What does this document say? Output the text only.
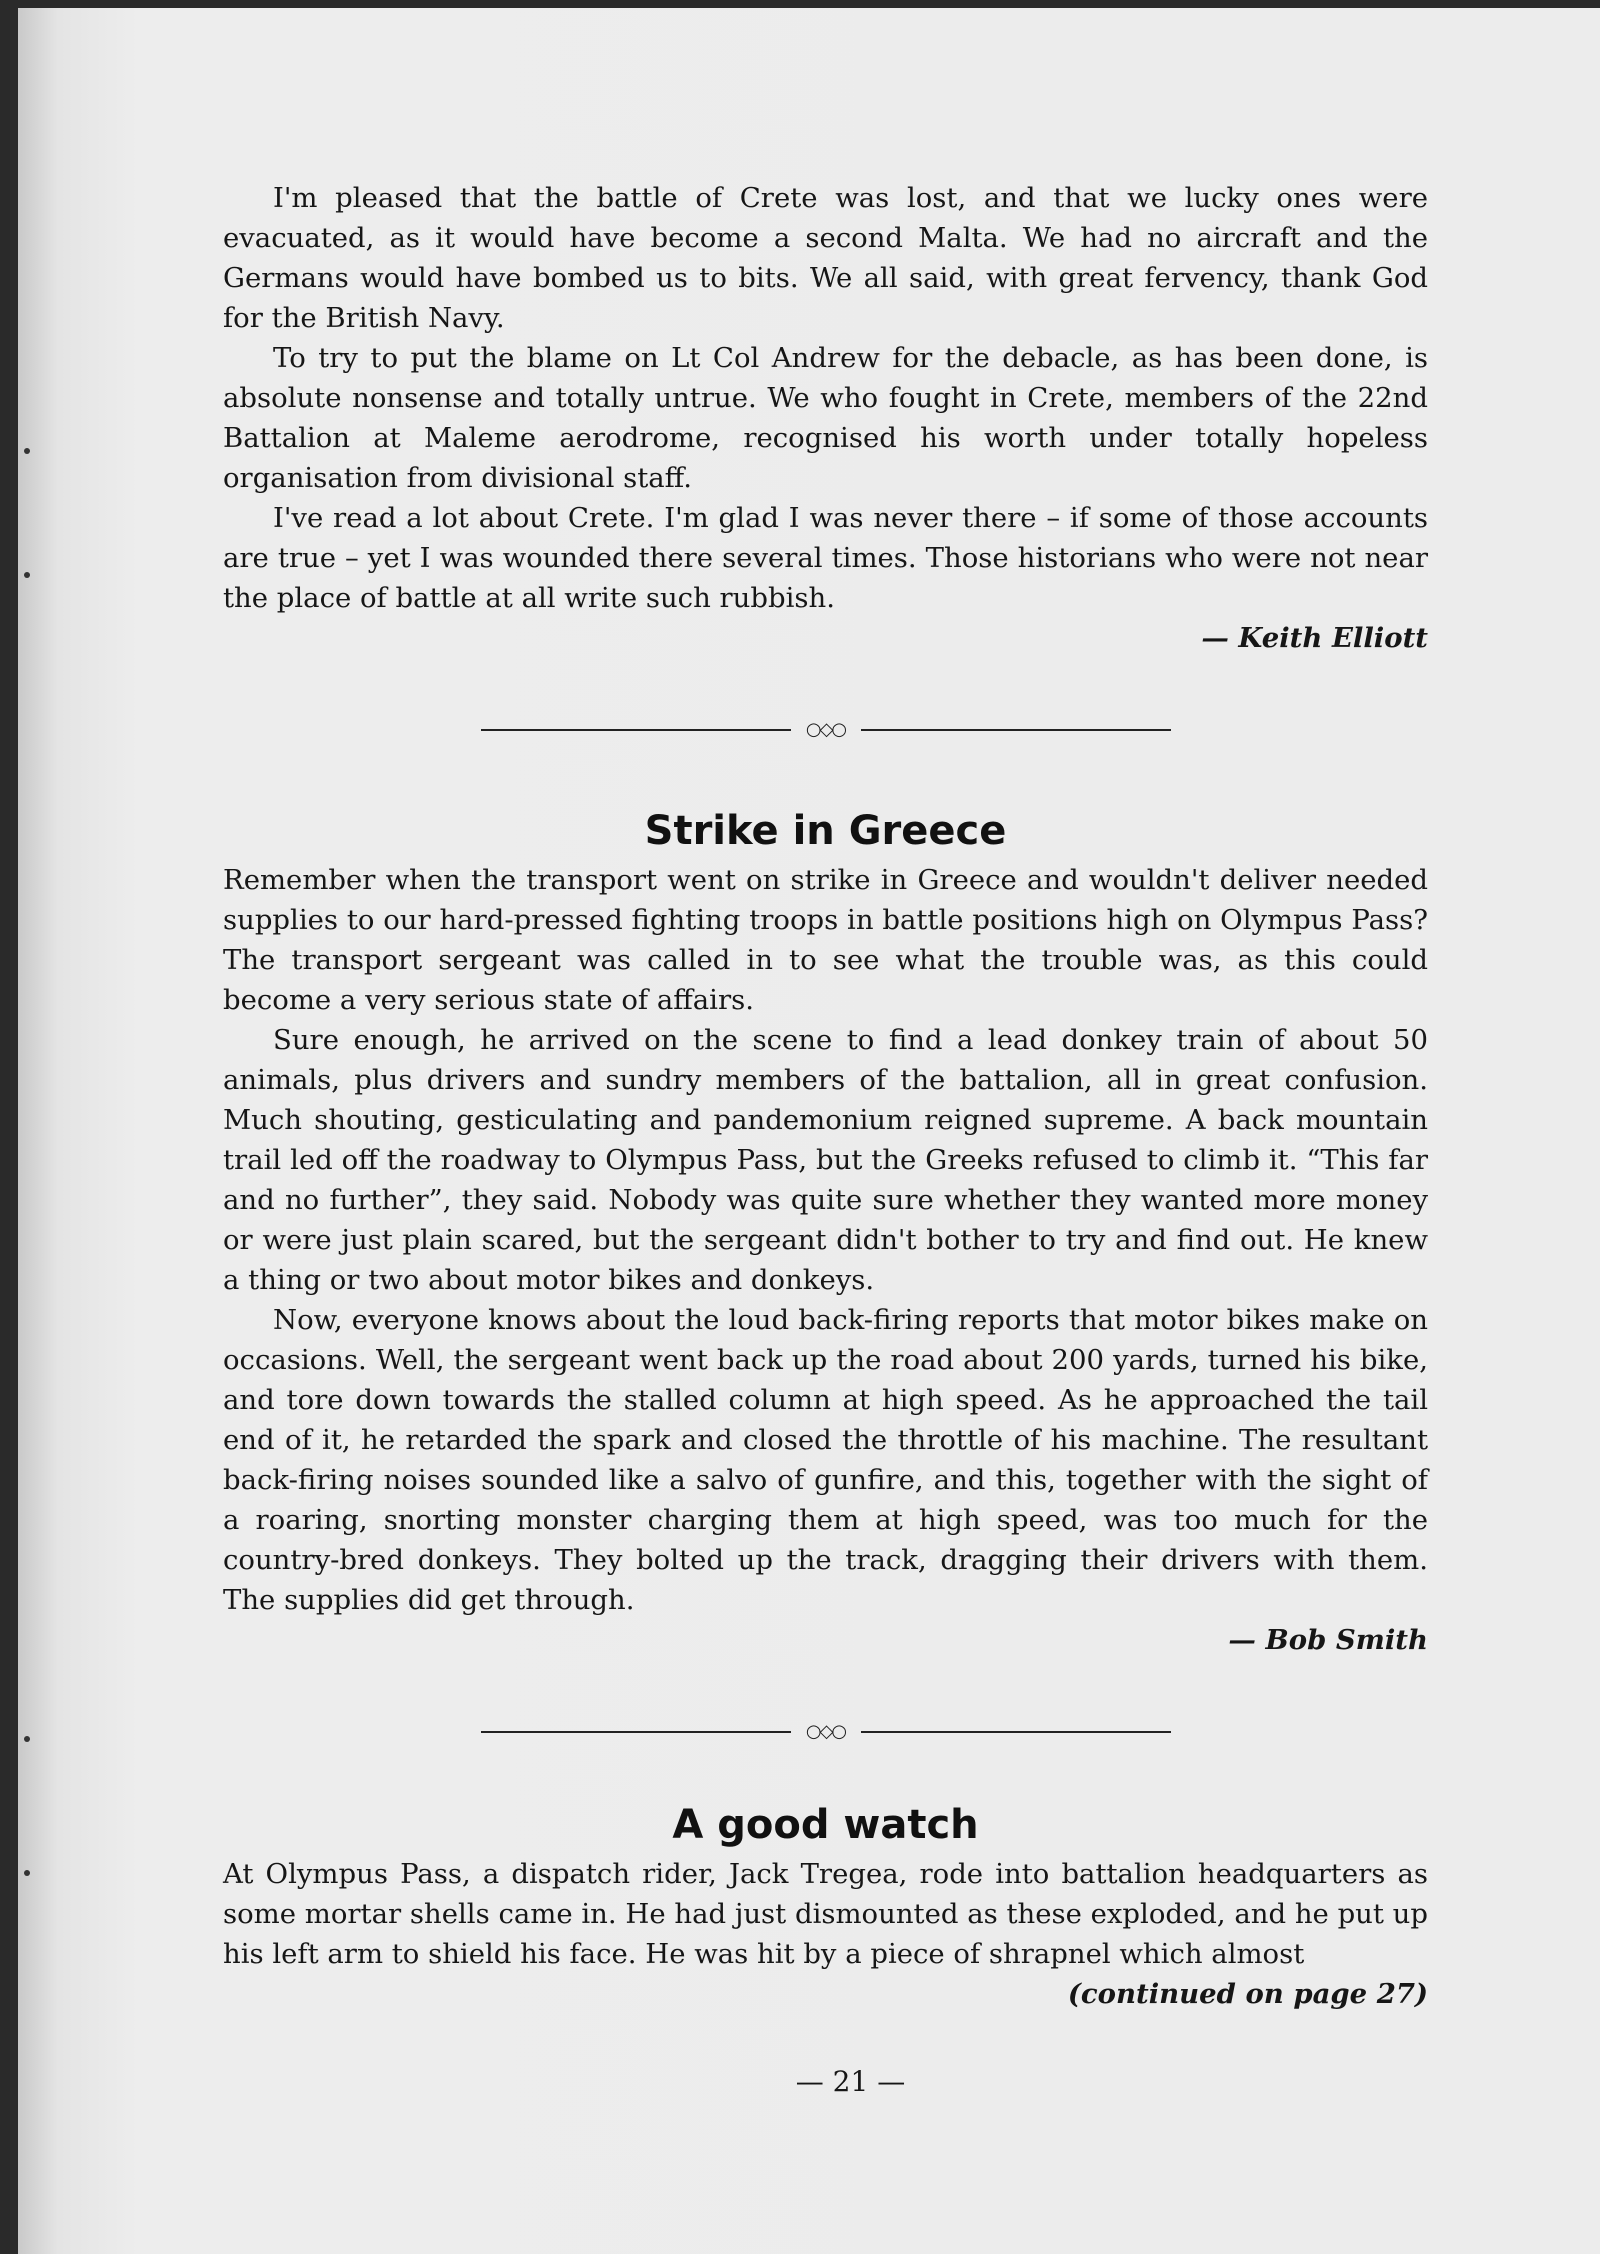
I'm pleased that the battle of Crete was lost, and that we lucky ones were evacuated, as it would have become a second Malta. We had no aircraft and the Germans would have bombed us to bits. We all said, with great fervency, thank God for the British Navy.

To try to put the blame on Lt Col Andrew for the debacle, as has been done, is absolute nonsense and totally untrue. We who fought in Crete, members of the 22nd Battalion at Maleme aerodrome, recognised his worth under totally hopeless organisation from divisional staff.

I've read a lot about Crete. I'm glad I was never there – if some of those accounts are true – yet I was wounded there several times. Those historians who were not near the place of battle at all write such rubbish.

— Keith Elliott

○◇○
Strike in Greece

Remember when the transport went on strike in Greece and wouldn't deliver needed supplies to our hard-pressed fighting troops in battle positions high on Olympus Pass? The transport sergeant was called in to see what the trouble was, as this could become a very serious state of affairs.

Sure enough, he arrived on the scene to find a lead donkey train of about 50 animals, plus drivers and sundry members of the battalion, all in great confusion. Much shouting, gesticulating and pandemonium reigned supreme. A back mountain trail led off the roadway to Olympus Pass, but the Greeks refused to climb it. “This far and no further”, they said. Nobody was quite sure whether they wanted more money or were just plain scared, but the sergeant didn't bother to try and find out. He knew a thing or two about motor bikes and donkeys.

Now, everyone knows about the loud back-firing reports that motor bikes make on occasions. Well, the sergeant went back up the road about 200 yards, turned his bike, and tore down towards the stalled column at high speed. As he approached the tail end of it, he retarded the spark and closed the throttle of his machine. The resultant back-firing noises sounded like a salvo of gunfire, and this, together with the sight of a roaring, snorting monster charging them at high speed, was too much for the country-bred donkeys. They bolted up the track, dragging their drivers with them. The supplies did get through.

— Bob Smith

○◇○
A good watch

At Olympus Pass, a dispatch rider, Jack Tregea, rode into battalion headquarters as some mortar shells came in. He had just dismounted as these exploded, and he put up his left arm to shield his face. He was hit by a piece of shrapnel which almost

(continued on page 27)

— 21 —
